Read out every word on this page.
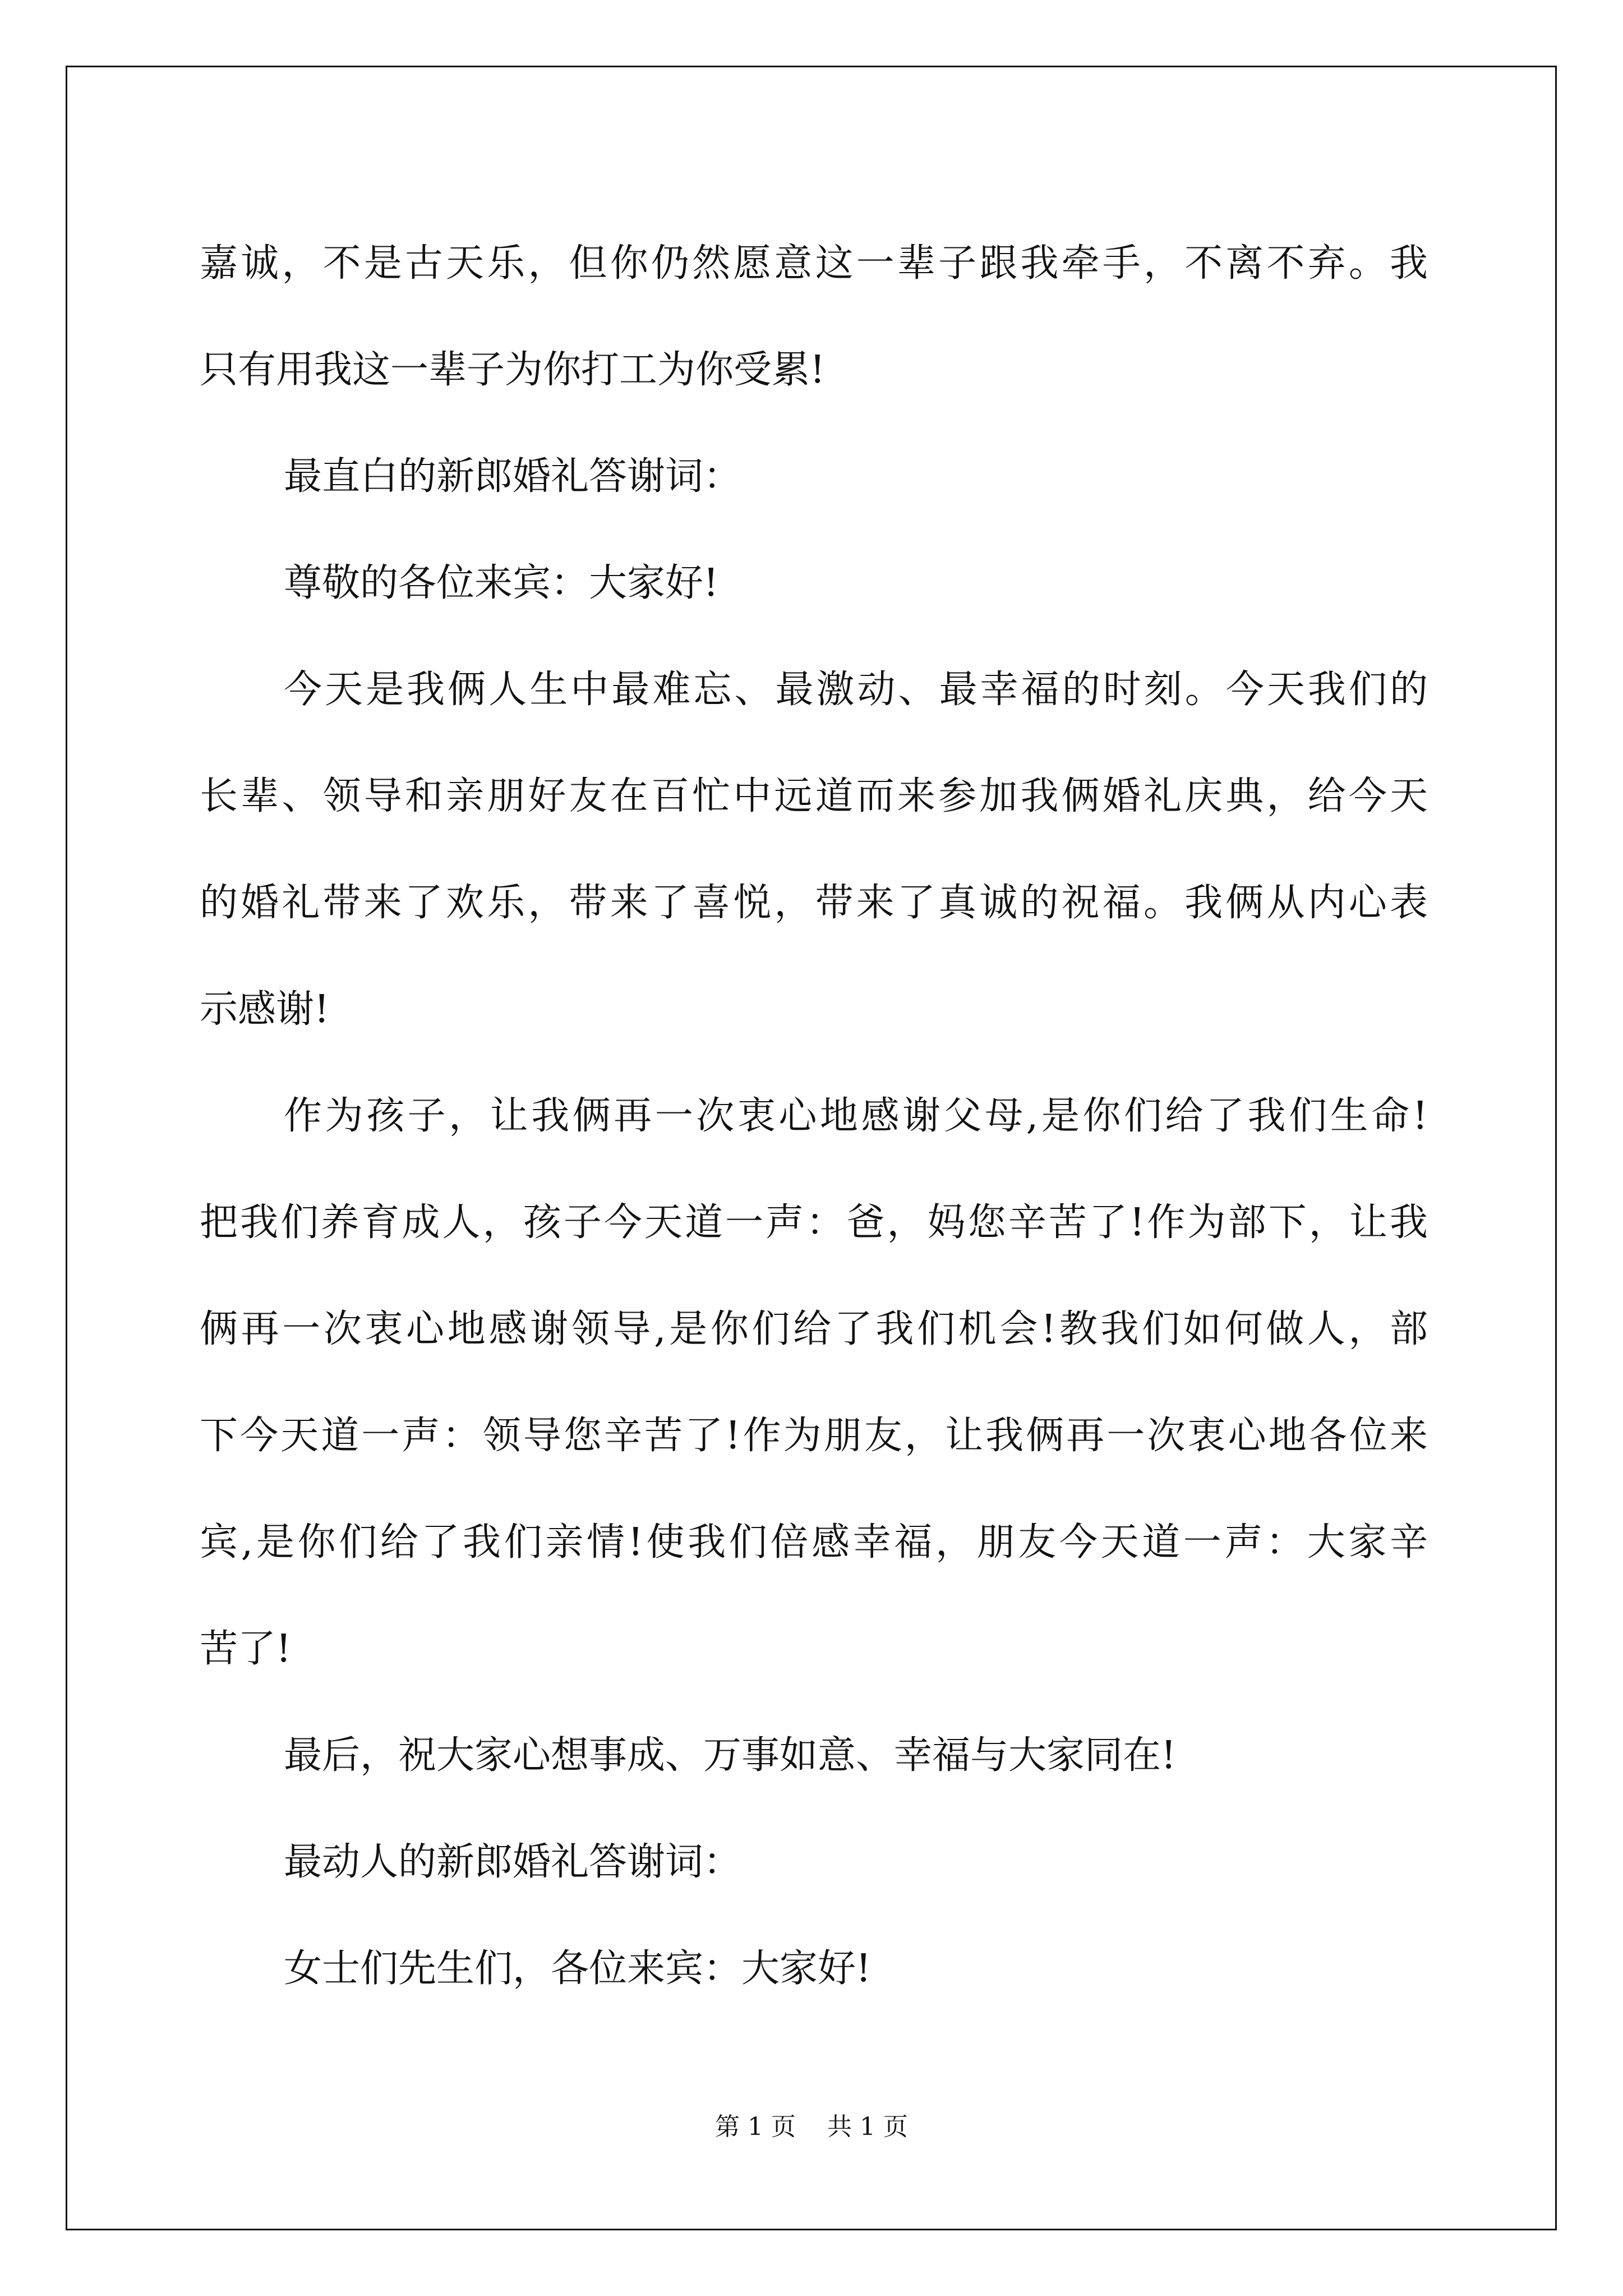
嘉诚，不是古天乐，但你仍然愿意这一辈子跟我牵手，不离不弃。我
只有用我这一辈子为你打工为你受累!
最直白的新郎婚礼答谢词：
尊敬的各位来宾：大家好!
今天是我俩人生中最难忘、最激动、最幸福的时刻。今天我们的
长辈、领导和亲朋好友在百忙中远道而来参加我俩婚礼庆典，给今天
的婚礼带来了欢乐，带来了喜悦，带来了真诚的祝福。我俩从内心表
示感谢!
作为孩子，让我俩再一次衷心地感谢父母,是你们给了我们生命!
把我们养育成人，孩子今天道一声：爸，妈您辛苦了!作为部下，让我
俩再一次衷心地感谢领导,是你们给了我们机会!教我们如何做人，部
下今天道一声：领导您辛苦了!作为朋友，让我俩再一次衷心地各位来
宾,是你们给了我们亲情!使我们倍感幸福，朋友今天道一声：大家辛
苦了!
最后，祝大家心想事成、万事如意、幸福与大家同在!
最动人的新郎婚礼答谢词：
女士们先生们，各位来宾：大家好!
第 1 页    共 1 页
